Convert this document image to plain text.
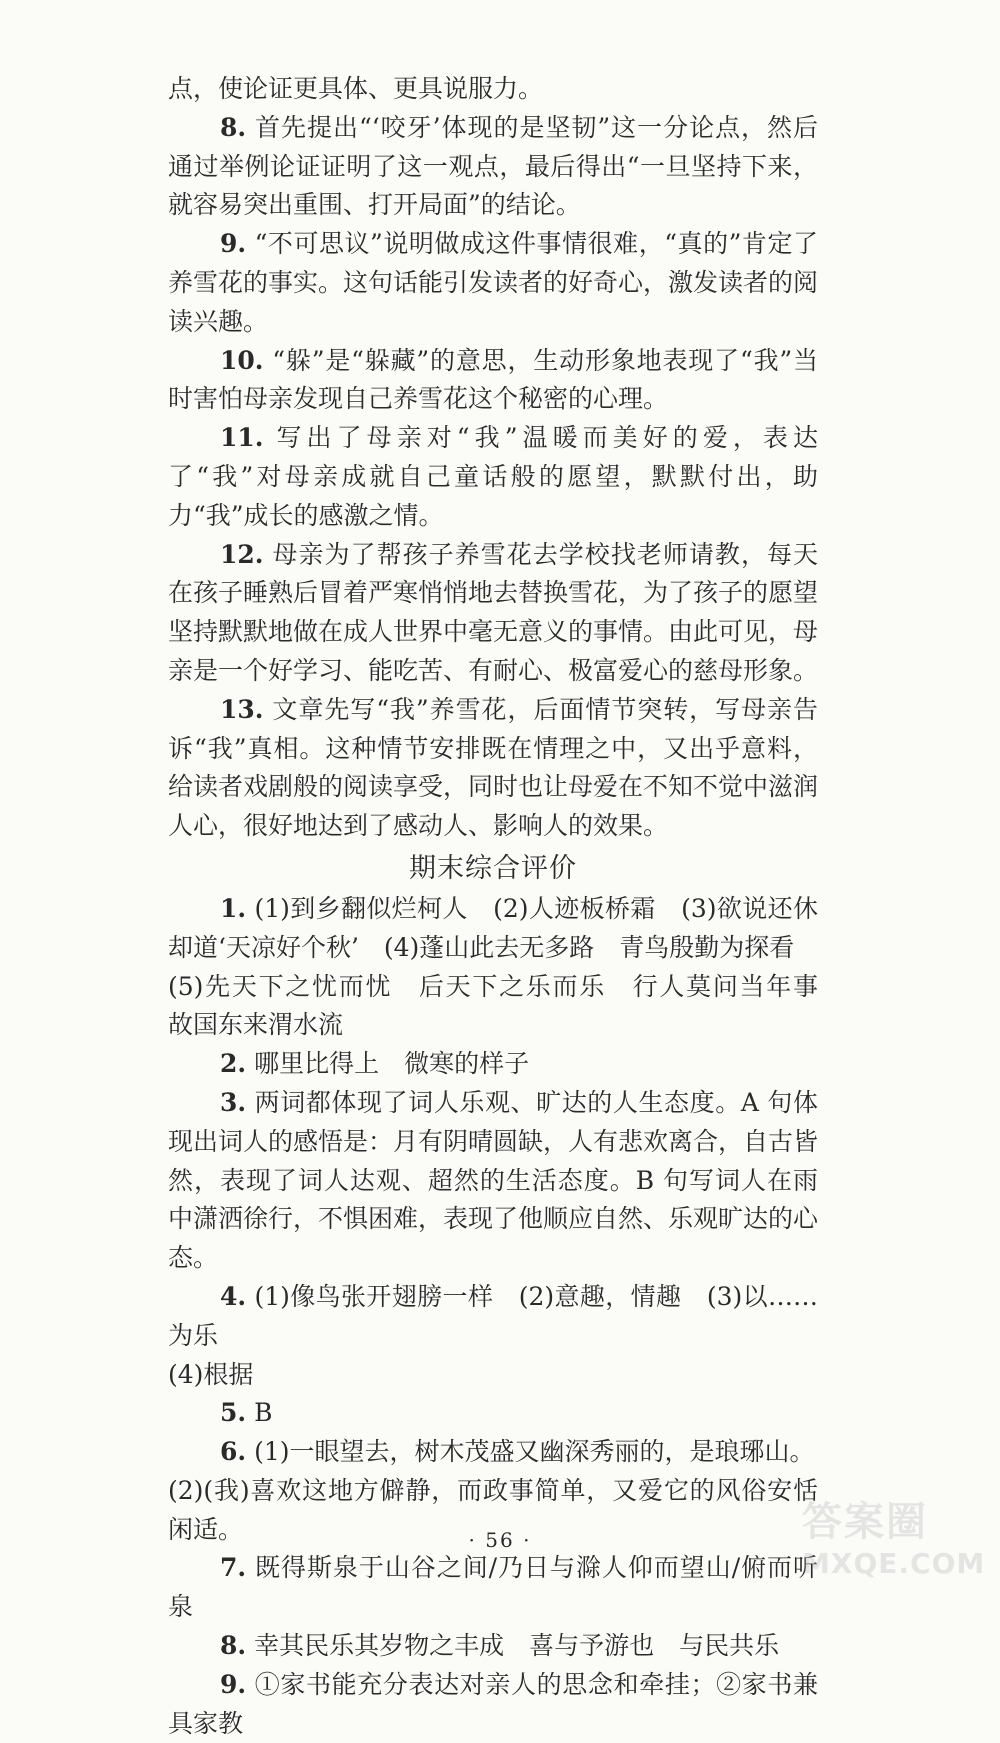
点，使论证更具体、更具说服力。

8. 首先提出“‘咬牙’体现的是坚韧”这一分论点，然后通过举例论证证明了这一观点，最后得出“一旦坚持下来，就容易突出重围、打开局面”的结论。

9. “不可思议”说明做成这件事情很难，“真的”肯定了养雪花的事实。这句话能引发读者的好奇心，激发读者的阅读兴趣。

10. “躲”是“躲藏”的意思，生动形象地表现了“我”当时害怕母亲发现自己养雪花这个秘密的心理。

11. 写出了母亲对“我”温暖而美好的爱，表达了“我”对母亲成就自己童话般的愿望，默默付出，助力“我”成长的感激之情。

12. 母亲为了帮孩子养雪花去学校找老师请教，每天在孩子睡熟后冒着严寒悄悄地去替换雪花，为了孩子的愿望坚持默默地做在成人世界中毫无意义的事情。由此可见，母亲是一个好学习、能吃苦、有耐心、极富爱心的慈母形象。

13. 文章先写“我”养雪花，后面情节突转，写母亲告诉“我”真相。这种情节安排既在情理之中，又出乎意料，给读者戏剧般的阅读享受，同时也让母爱在不知不觉中滋润人心，很好地达到了感动人、影响人的效果。

期末综合评价

1. (1)到乡翻似烂柯人　(2)人迹板桥霜　(3)欲说还休　却道‘天凉好个秋’　(4)蓬山此去无多路　青鸟殷勤为探看

(5)先天下之忧而忧　后天下之乐而乐　行人莫问当年事　故国东来渭水流

2. 哪里比得上　微寒的样子

3. 两词都体现了词人乐观、旷达的人生态度。A 句体现出词人的感悟是：月有阴晴圆缺，人有悲欢离合，自古皆然，表现了词人达观、超然的生活态度。B 句写词人在雨中潇洒徐行，不惧困难，表现了他顺应自然、乐观旷达的心态。

4. (1)像鸟张开翅膀一样　(2)意趣，情趣　(3)以……为乐

(4)根据

5. B

6. (1)一眼望去，树木茂盛又幽深秀丽的，是琅琊山。

(2)(我)喜欢这地方僻静，而政事简单，又爱它的风俗安恬闲适。

7. 既得斯泉于山谷之间/乃日与滁人仰而望山/俯而听泉

8. 幸其民乐其岁物之丰成　喜与予游也　与民共乐

9. ①家书能充分表达对亲人的思念和牵挂；②家书兼具家教

· 56 ·	答案圈
MXQE.COM
